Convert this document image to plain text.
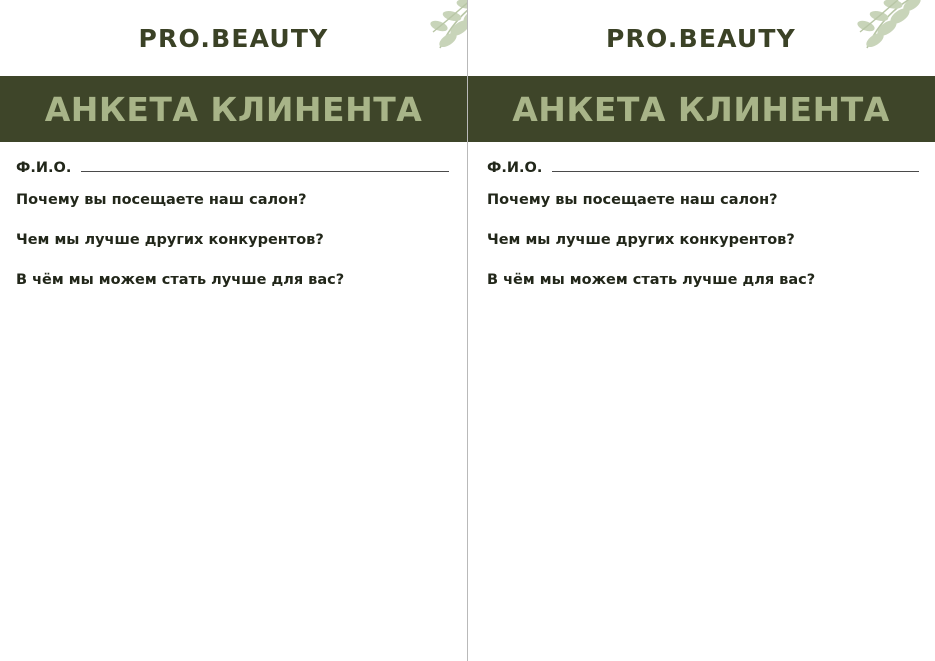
PRO.BEAUTY
АНКЕТА КЛИНЕНТА
Ф.И.О.
Почему вы посещаете наш салон?
Чем мы лучше других конкурентов?
В чём мы можем стать лучше для вас?
PRO.BEAUTY
АНКЕТА КЛИНЕНТА
Ф.И.О.
Почему вы посещаете наш салон?
Чем мы лучше других конкурентов?
В чём мы можем стать лучше для вас?
